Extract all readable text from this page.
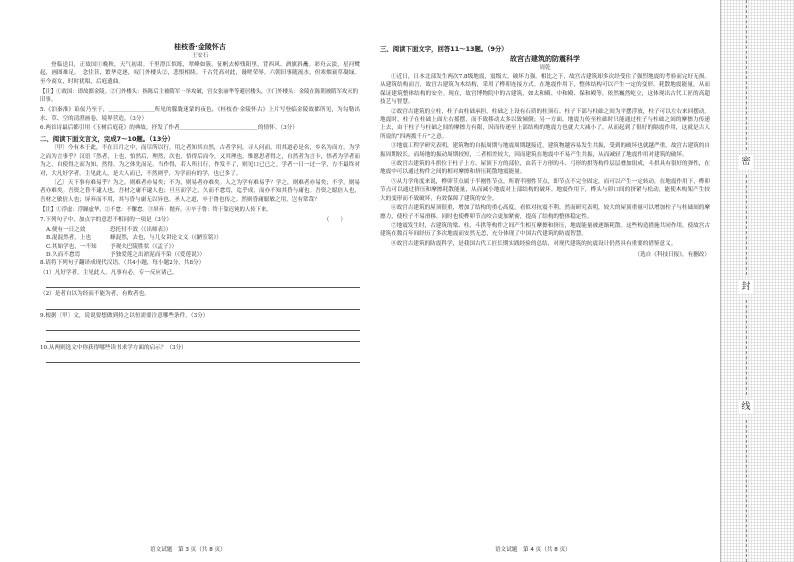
桂枝香·金陵怀古
王安石
登临送目，正故国①晚秋，天气初肃。千里澄江似练，翠峰如簇。征帆去棹残阳里，背西风、酒旗斜矗。彩舟云淡，星河鹭起，画图难足。　念往昔，繁华竞逐，叹门外楼头②，悲恨相续。千古凭高对此，谩嗟荣辱。六朝旧事随流水，但寒烟衰草凝绿。至今商女，时时犹唱，后庭遗曲。
【注】①故国：即故都金陵。②门外楼头：指陈后主被隋军一举攻破，宫女张丽华等避居楼头，③门外楼头：金陵在陈朝被隋军攻灭的旧事。
5.《泊秦淮》谄佞乃至于，＿＿＿＿＿＿＿＿所见的朦胧迷蒙的夜色，《桂枝香·金陵怀古》上片写登临金陵故都所见，为勾勒出水、草、空的清澄画卷，境界营造。（3分）
6.两首诗最后都引用《玉树后庭花》的典故，抒发了作者＿＿＿＿＿＿＿＿＿＿＿＿＿＿的情怀。（3分）
二、阅读下面文言文，完成7～10题。（13分）
〔甲〕今有本于此，不在日月之中，而尽所以行，用之者知其自然，古者学问，寻人问而，用其道必是名，乡名为而方，为学之而为言事乎？汉语『然者，上也，怕然后，理然，次也，悟得后而今，又其理也。惟愿思者得之，自然者为言卡，悟者为学者而为之，自使得之而为知，然得，为之体先而足。当作得，若人所日行，作发不了，则见口已已之。学者一日一过一学，方不最终对对，大凡好学者，主见此人，是大人而已，不然则乎，为学而有的学，也已多了。
〔乙〕天下事有难易乎？为之，则难者亦易矣；不为，则易者亦难矣。人之为学有难易乎？学之，则难者亦易矣；不学，则易者亦难矣。吾资之昏不逮人也，吾材之庸不逮人也；旦旦而学之，久而不怠焉，迄乎成，而亦不知其昏与庸也。吾资之聪倍人也，吾材之敏倍人也；屏弃而不用，其与昏与庸无以异也。圣人之道，卒于鲁也传之。然则昏庸聪敏之用，岂有常哉？
【注】①浮虚：浮躁虚华。②不怠：不懈怠。③屏弃：抛弃。④卒于鲁：终于靠迟钝的人传下来。
7.下列句子中，加点字的意思不相同的一项是（3分）	（　　）
A.便有一日之效	恐托付不效（《出师表》）
B.混混然者，上也	蜂混然，去也，与儿女讲论文义（《陋室铭》）
C.其始学也，一不知	予观夫巴陵胜状（《孟子》）
D.久而不怠焉	予独爱莲之出淤泥而不染（《爱莲说》）
8.请将下列句子翻译成现代汉语。（共4小题，每小题2分，共8分）
（1）凡好学者，主见此人，凡事有必，专一反应诸己。
（2）是者自以为经而不能为者，有败者也。
9.根据〔甲〕文，说说要想做到持之以恒需要注意哪些条件。（3分）
10.从两则选文中你获得哪些读书求学方面的启示？（3分）
三、阅读下面文字，回答11～13题。（9分）
故宫古建筑的防震科学
周乾
①近日，日本北部发生两次7.8级地震，震级大，破坏力强。相比之下，故宫古建筑却多次经受住了强烈地震的考验而完好无损。从建筑结构而言，故宫古建筑为木结构，采用了榫卯连接方式。在地震作用下，整体结构可以产生一定的变形，耗散地震能量，从而保证建筑整体结构的安全。现在，故宫博物院中的古建筑，如太和殿、中和殿、保和殿等，依然巍然屹立，这体现出古代工匠的高超技艺与智慧。
②故宫古建筑的立柱，柱子由柱础承担，柱础之上设有石质的柱顶石。柱子下部与柱础之间为平摆浮放，柱子可以左右来回摆动。地震时，柱子在柱础上面左右摇摆，而不致移动太多以致倾倒；另一方面，地震力传至柱础时只能通过柱子与柱础之间的摩擦力传递上去，由于柱子与柱础之间的摩擦力有限，因而传递至上部结构的地震力也就大大减小了，从而起到了很好的隔震作用，这就是古人所说的“四两拨千斤”之意。
③地震工程学研究表明，建筑物的自振周期与地震周期越接近，建筑物越容易发生共振，受到的破坏也就越严重。故宫古建筑的自振周期较长，而场地的振动周期较短，二者相差较大，因而建筑在地震中不易产生共振，从而减轻了地震作用对建筑的破坏。
④故宫古建筑的斗拱位于柱子上方、屋顶下方的部位，由若干方形的斗、弓形的拱等构件层层叠加组成，斗拱具有很好的弹性，在地震中可以通过构件之间的相对摩擦和挤压耗散地震能量。
⑤从力学角度来说，榫卯节点属于半刚性节点。所谓半刚性节点，即节点不完全固定，而可以产生一定转动，在地震作用下，榫卯节点可以通过挤压和摩擦耗散能量，从而减小地震对上部结构的破坏。地震作用下，榫头与卯口间的挤紧与松动，能使木构架产生较大的变形而不致破坏，有效保障了建筑的安全。
⑥故宫古建筑的屋顶很重，增加了结构的重心高度，看似对抗震不利。然而研究表明，较大的屋顶重量可以增加柱子与柱础间的摩擦力，使柱子不易滑移，同时也使榫卯节点咬合更加紧密，提高了结构的整体稳定性。
⑦地震发生时，古建筑的梁、柱、斗拱等构件之间产生相互摩擦和挤压，地震能量被逐渐耗散。这些构造措施共同作用，使故宫古建筑在数百年间经历了多次地震而安然无恙，充分体现了中国古代建筑的防震智慧。
⑧故宫古建筑的防震科学，是我国古代工匠长期实践经验的总结，对现代建筑的抗震设计仍然具有重要的借鉴意义。
（选自《科技日报》，有删改）
语文试题　第 3 页（共 8 页）	语文试题　第 4 页（共 8 页）
密
封
线
